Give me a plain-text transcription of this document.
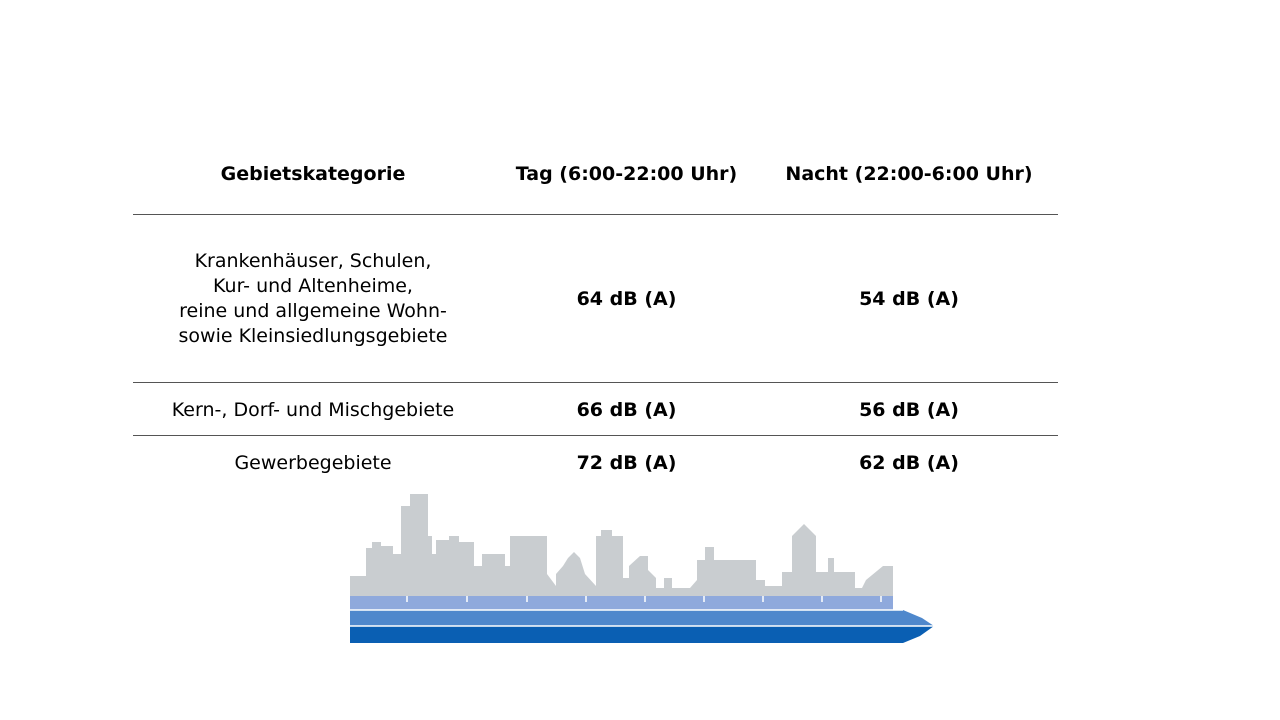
Gebietskategorie	Tag (6:00-22:00 Uhr)	Nacht (22:00-6:00 Uhr)
Krankenhäuser, Schulen,
Kur- und Altenheime,
reine und allgemeine Wohn-
sowie Kleinsiedlungsgebiete
64 dB (A)	54 dB (A)
Kern-, Dorf- und Mischgebiete	66 dB (A)	56 dB (A)
Gewerbegebiete	72 dB (A)	62 dB (A)
